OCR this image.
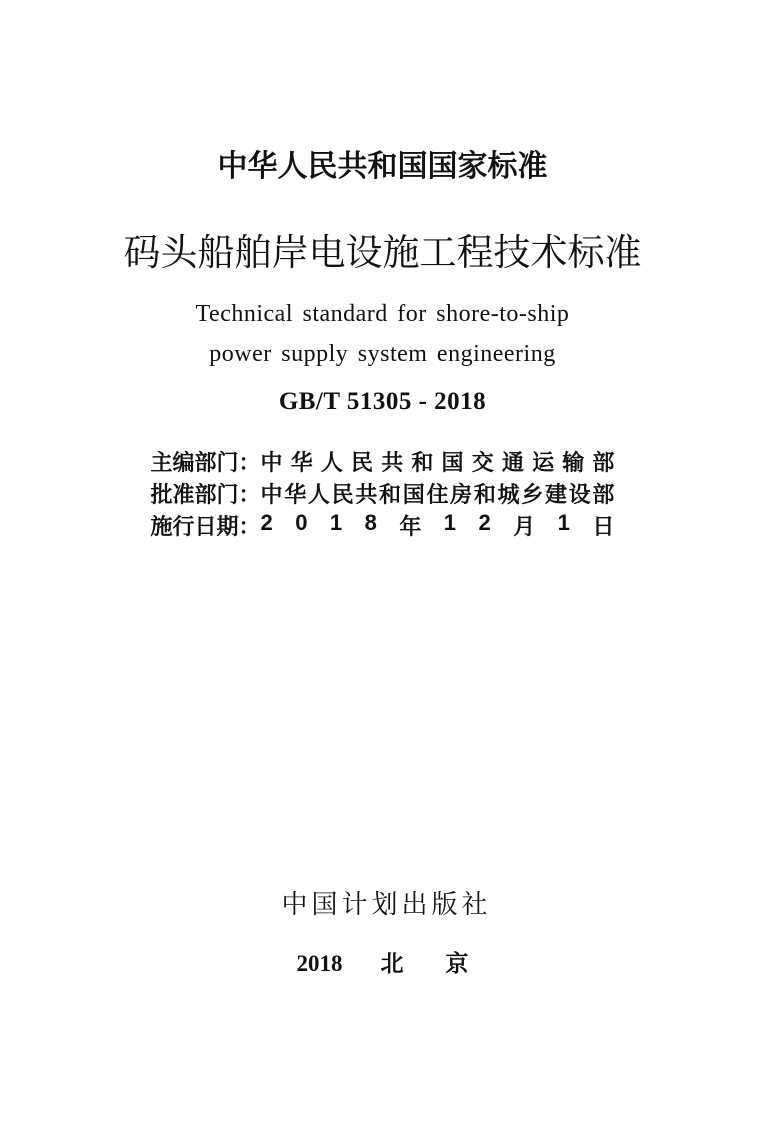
中华人民共和国国家标准
码头船舶岸电设施工程技术标准
Technical standard for shore-to-ship
power supply system engineering
GB/T 51305 - 2018
主编部门： 中 华 人 民 共 和 国 交 通 运 输 部
批准部门： 中 华 人 民 共 和 国 住 房 和 城 乡 建 设 部
施行日期： 2 0 1 8 年 1 2 月 1 日
中国计划出版社
2018 北 京
